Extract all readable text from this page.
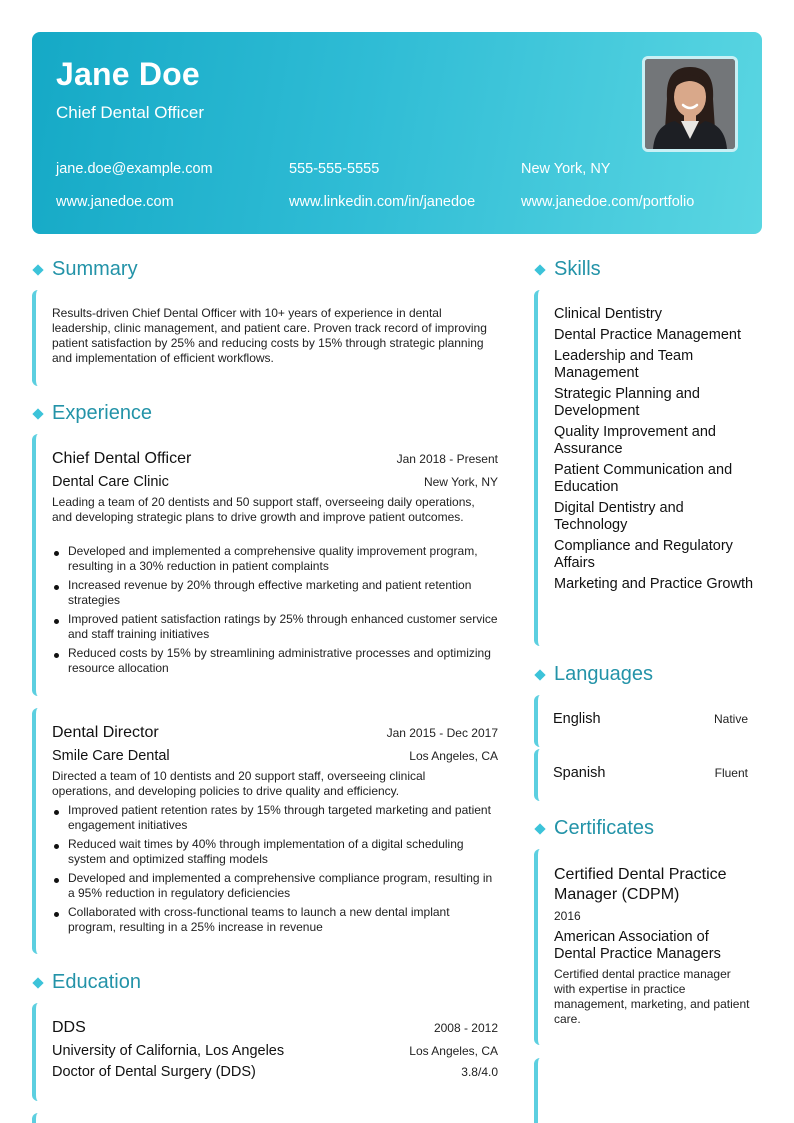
Jane Doe
Chief Dental Officer
jane.doe@example.com	555-555-5555	New York, NY
www.janedoe.com	www.linkedin.com/in/janedoe	www.janedoe.com/portfolio
Summary
Results-driven Chief Dental Officer with 10+ years of experience in dental leadership, clinic management, and patient care. Proven track record of improving patient satisfaction by 25% and reducing costs by 15% through strategic planning and implementation of efficient workflows.
Experience
Chief Dental Officer	Jan 2018 - Present
Dental Care Clinic	New York, NY
Leading a team of 20 dentists and 50 support staff, overseeing daily operations, and developing strategic plans to drive growth and improve patient outcomes.
Developed and implemented a comprehensive quality improvement program, resulting in a 30% reduction in patient complaints
Increased revenue by 20% through effective marketing and patient retention strategies
Improved patient satisfaction ratings by 25% through enhanced customer service and staff training initiatives
Reduced costs by 15% by streamlining administrative processes and optimizing resource allocation
Dental Director	Jan 2015 - Dec 2017
Smile Care Dental	Los Angeles, CA
Directed a team of 10 dentists and 20 support staff, overseeing clinical operations, and developing policies to drive quality and efficiency.
Improved patient retention rates by 15% through targeted marketing and patient engagement initiatives
Reduced wait times by 40% through implementation of a digital scheduling system and optimized staffing models
Developed and implemented a comprehensive compliance program, resulting in a 95% reduction in regulatory deficiencies
Collaborated with cross-functional teams to launch a new dental implant program, resulting in a 25% increase in revenue
Education
DDS	2008 - 2012
University of California, Los Angeles	Los Angeles, CA
Doctor of Dental Surgery (DDS)	3.8/4.0
Skills
Clinical Dentistry
Dental Practice Management
Leadership and Team Management
Strategic Planning and Development
Quality Improvement and Assurance
Patient Communication and Education
Digital Dentistry and Technology
Compliance and Regulatory Affairs
Marketing and Practice Growth
Languages
English	Native
Spanish	Fluent
Certificates
Certified Dental Practice Manager (CDPM)
2016
American Association of Dental Practice Managers
Certified dental practice manager with expertise in practice management, marketing, and patient care.
